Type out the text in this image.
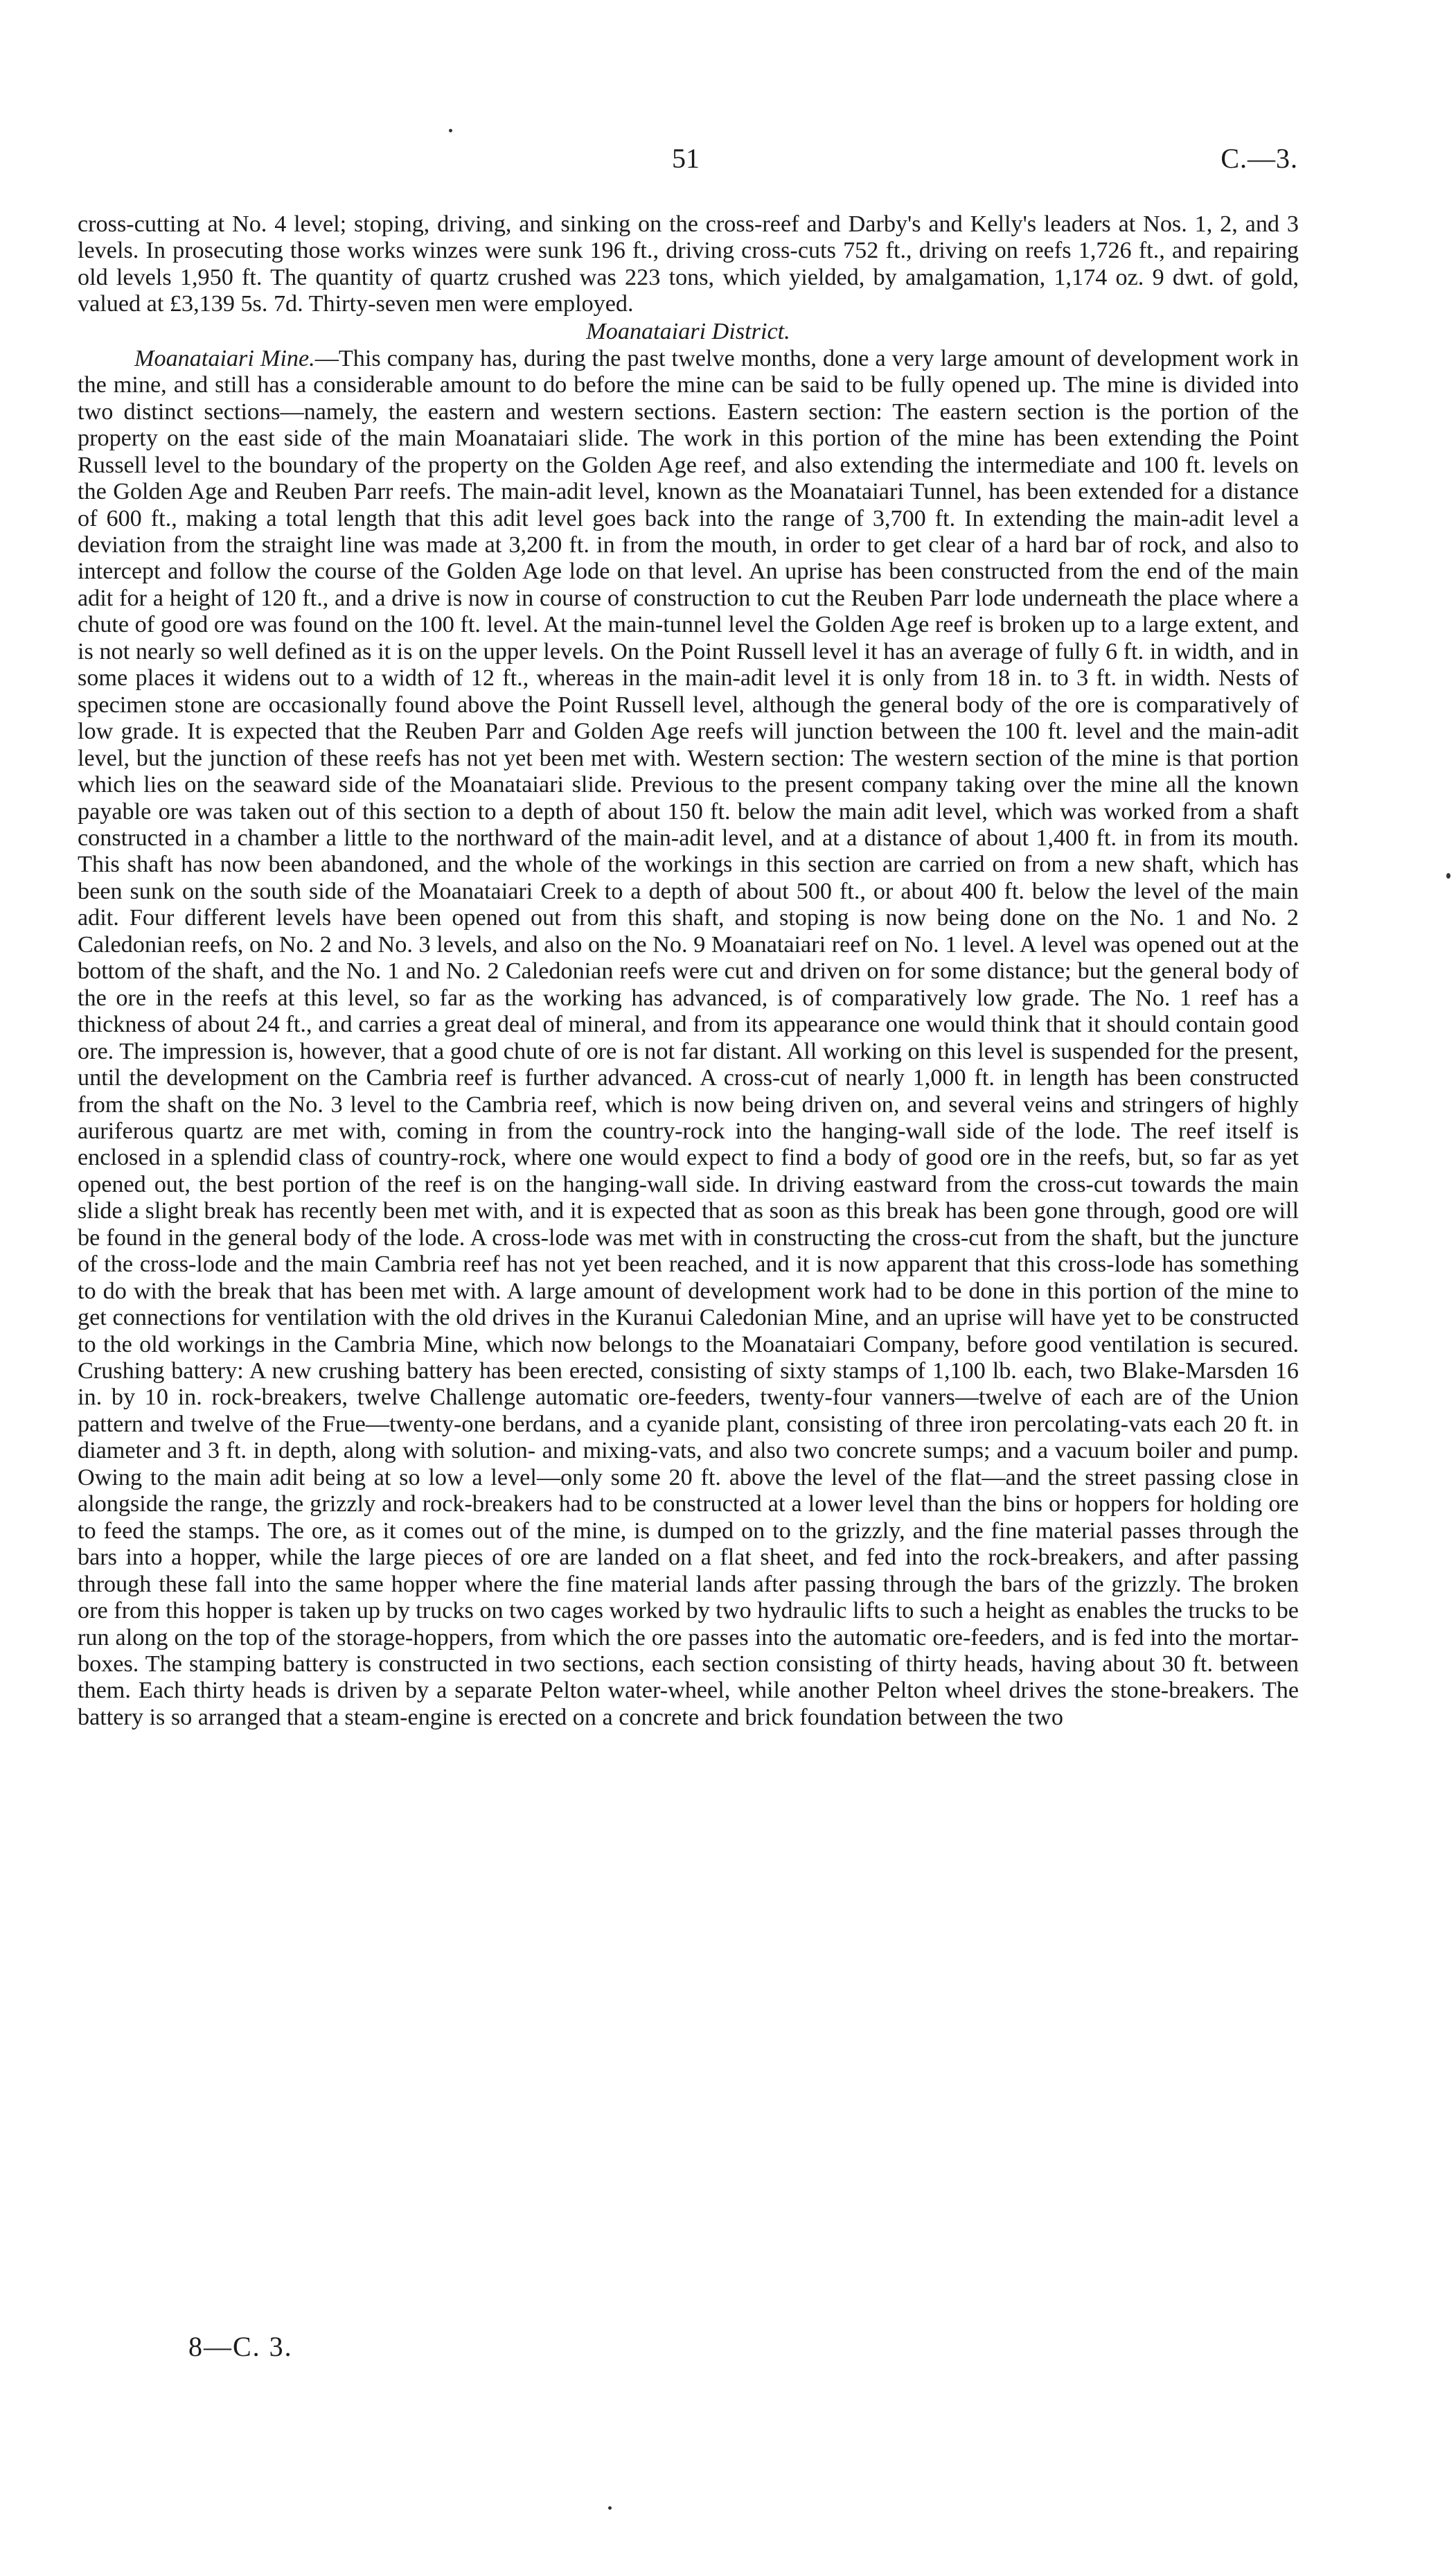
51	C.—3.

cross-cutting at No. 4 level; stoping, driving, and sinking on the cross-reef and Darby's and Kelly's leaders at Nos. 1, 2, and 3 levels. In prosecuting those works winzes were sunk 196 ft., driving cross-cuts 752 ft., driving on reefs 1,726 ft., and repairing old levels 1,950 ft. The quantity of quartz crushed was 223 tons, which yielded, by amalgamation, 1,174 oz. 9 dwt. of gold, valued at £3,139 5s. 7d. Thirty-seven men were employed.

Moanataiari District.

Moanataiari Mine.—This company has, during the past twelve months, done a very large amount of development work in the mine, and still has a considerable amount to do before the mine can be said to be fully opened up. The mine is divided into two distinct sections—namely, the eastern and western sections. Eastern section: The eastern section is the portion of the property on the east side of the main Moanataiari slide. The work in this portion of the mine has been extending the Point Russell level to the boundary of the property on the Golden Age reef, and also extending the intermediate and 100 ft. levels on the Golden Age and Reuben Parr reefs. The main-adit level, known as the Moanataiari Tunnel, has been extended for a distance of 600 ft., making a total length that this adit level goes back into the range of 3,700 ft. In extending the main-adit level a deviation from the straight line was made at 3,200 ft. in from the mouth, in order to get clear of a hard bar of rock, and also to intercept and follow the course of the Golden Age lode on that level. An uprise has been constructed from the end of the main adit for a height of 120 ft., and a drive is now in course of construction to cut the Reuben Parr lode underneath the place where a chute of good ore was found on the 100 ft. level. At the main-tunnel level the Golden Age reef is broken up to a large extent, and is not nearly so well defined as it is on the upper levels. On the Point Russell level it has an average of fully 6 ft. in width, and in some places it widens out to a width of 12 ft., whereas in the main-adit level it is only from 18 in. to 3 ft. in width. Nests of specimen stone are occasionally found above the Point Russell level, although the general body of the ore is comparatively of low grade. It is expected that the Reuben Parr and Golden Age reefs will junction between the 100 ft. level and the main-adit level, but the junction of these reefs has not yet been met with. Western section: The western section of the mine is that portion which lies on the seaward side of the Moanataiari slide. Previous to the present company taking over the mine all the known payable ore was taken out of this section to a depth of about 150 ft. below the main adit level, which was worked from a shaft constructed in a chamber a little to the northward of the main-adit level, and at a distance of about 1,400 ft. in from its mouth. This shaft has now been abandoned, and the whole of the workings in this section are carried on from a new shaft, which has been sunk on the south side of the Moanataiari Creek to a depth of about 500 ft., or about 400 ft. below the level of the main adit. Four different levels have been opened out from this shaft, and stoping is now being done on the No. 1 and No. 2 Caledonian reefs, on No. 2 and No. 3 levels, and also on the No. 9 Moanataiari reef on No. 1 level. A level was opened out at the bottom of the shaft, and the No. 1 and No. 2 Caledonian reefs were cut and driven on for some distance; but the general body of the ore in the reefs at this level, so far as the working has advanced, is of comparatively low grade. The No. 1 reef has a thickness of about 24 ft., and carries a great deal of mineral, and from its appearance one would think that it should contain good ore. The impression is, however, that a good chute of ore is not far distant. All working on this level is suspended for the present, until the development on the Cambria reef is further advanced. A cross-cut of nearly 1,000 ft. in length has been constructed from the shaft on the No. 3 level to the Cambria reef, which is now being driven on, and several veins and stringers of highly auriferous quartz are met with, coming in from the country-rock into the hanging-wall side of the lode. The reef itself is enclosed in a splendid class of country-rock, where one would expect to find a body of good ore in the reefs, but, so far as yet opened out, the best portion of the reef is on the hanging-wall side. In driving eastward from the cross-cut towards the main slide a slight break has recently been met with, and it is expected that as soon as this break has been gone through, good ore will be found in the general body of the lode. A cross-lode was met with in constructing the cross-cut from the shaft, but the juncture of the cross-lode and the main Cambria reef has not yet been reached, and it is now apparent that this cross-lode has something to do with the break that has been met with. A large amount of development work had to be done in this portion of the mine to get connections for ventilation with the old drives in the Kuranui Caledonian Mine, and an uprise will have yet to be constructed to the old workings in the Cambria Mine, which now belongs to the Moanataiari Company, before good ventilation is secured. Crushing battery: A new crushing battery has been erected, consisting of sixty stamps of 1,100 lb. each, two Blake-Marsden 16 in. by 10 in. rock-breakers, twelve Challenge automatic ore-feeders, twenty-four vanners—twelve of each are of the Union pattern and twelve of the Frue—twenty-one berdans, and a cyanide plant, consisting of three iron percolating-vats each 20 ft. in diameter and 3 ft. in depth, along with solution- and mixing-vats, and also two concrete sumps; and a vacuum boiler and pump. Owing to the main adit being at so low a level—only some 20 ft. above the level of the flat—and the street passing close in alongside the range, the grizzly and rock-breakers had to be constructed at a lower level than the bins or hoppers for holding ore to feed the stamps. The ore, as it comes out of the mine, is dumped on to the grizzly, and the fine material passes through the bars into a hopper, while the large pieces of ore are landed on a flat sheet, and fed into the rock-breakers, and after passing through these fall into the same hopper where the fine material lands after passing through the bars of the grizzly. The broken ore from this hopper is taken up by trucks on two cages worked by two hydraulic lifts to such a height as enables the trucks to be run along on the top of the storage-hoppers, from which the ore passes into the automatic ore-feeders, and is fed into the mortar-boxes. The stamping battery is constructed in two sections, each section consisting of thirty heads, having about 30 ft. between them. Each thirty heads is driven by a separate Pelton water-wheel, while another Pelton wheel drives the stone-breakers. The battery is so arranged that a steam-engine is erected on a concrete and brick foundation between the two

8—C. 3.
